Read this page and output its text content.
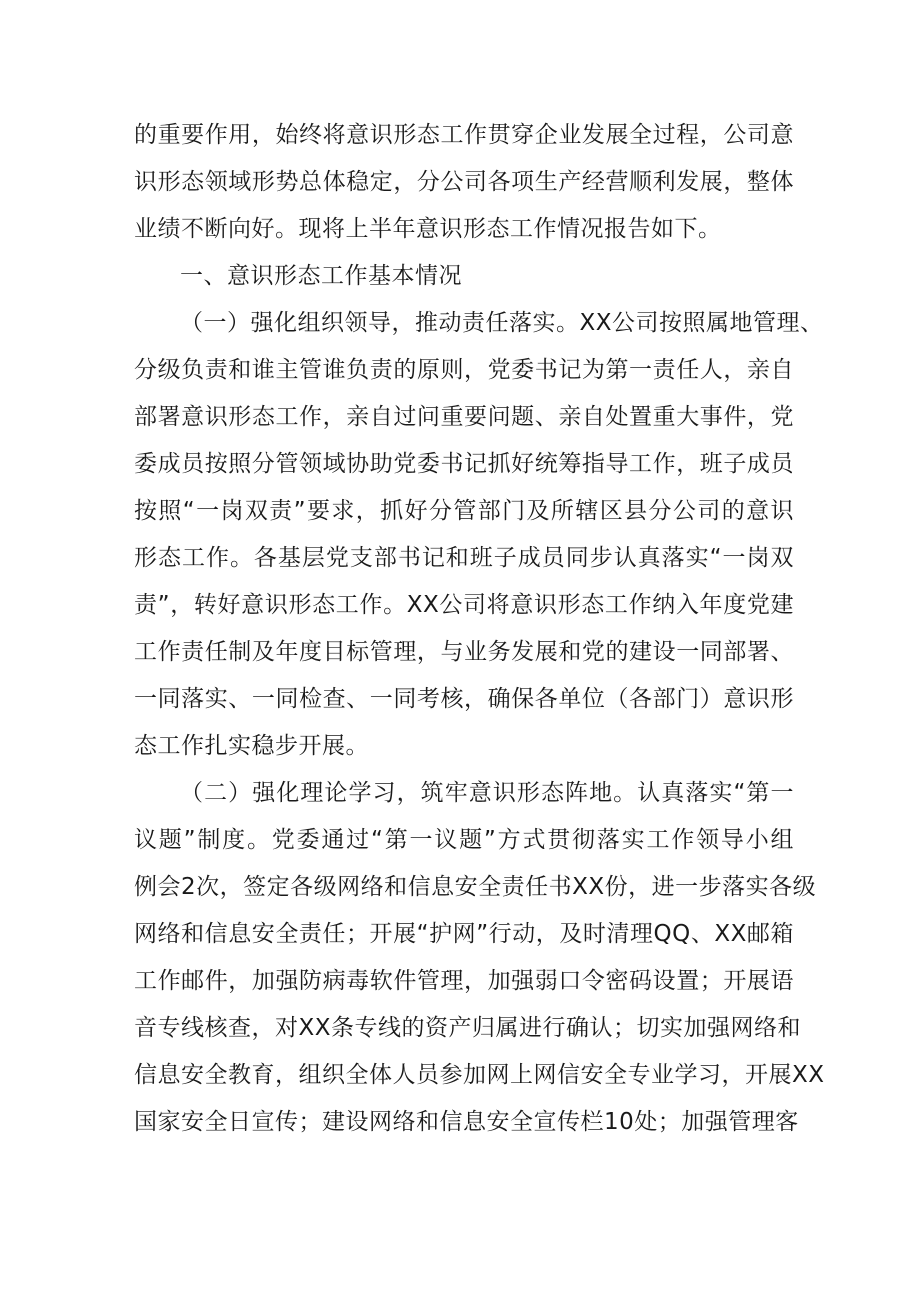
的重要作用，始终将意识形态工作贯穿企业发展全过程，公司意
识形态领域形势总体稳定，分公司各项生产经营顺利发展，整体
业绩不断向好。现将上半年意识形态工作情况报告如下。
一、意识形态工作基本情况
（一）强化组织领导，推动责任落实。XX公司按照属地管理、
分级负责和谁主管谁负责的原则，党委书记为第一责任人，亲自
部署意识形态工作，亲自过问重要问题、亲自处置重大事件，党
委成员按照分管领域协助党委书记抓好统筹指导工作，班子成员
按照“一岗双责”要求，抓好分管部门及所辖区县分公司的意识
形态工作。各基层党支部书记和班子成员同步认真落实“一岗双
责”，转好意识形态工作。XX公司将意识形态工作纳入年度党建
工作责任制及年度目标管理，与业务发展和党的建设一同部署、
一同落实、一同检查、一同考核，确保各单位（各部门）意识形
态工作扎实稳步开展。
（二）强化理论学习，筑牢意识形态阵地。认真落实“第一
议题”制度。党委通过“第一议题”方式贯彻落实工作领导小组
例会2次，签定各级网络和信息安全责任书XX份，进一步落实各级
网络和信息安全责任；开展“护网”行动，及时清理QQ、XX邮箱
工作邮件，加强防病毒软件管理，加强弱口令密码设置；开展语
音专线核查，对XX条专线的资产归属进行确认；切实加强网络和
信息安全教育，组织全体人员参加网上网信安全专业学习，开展XX
国家安全日宣传；建设网络和信息安全宣传栏10处；加强管理客
